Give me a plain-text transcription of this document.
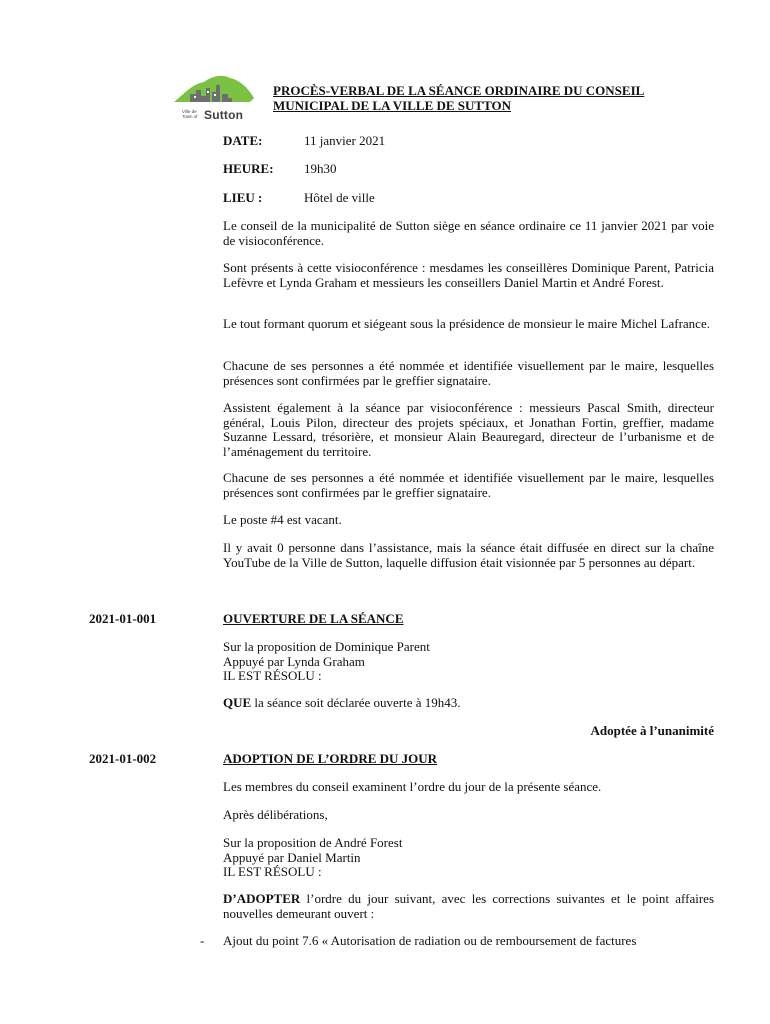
Ville de
Town of Sutton
PROCÈS-VERBAL DE LA SÉANCE ORDINAIRE DU CONSEIL
MUNICIPAL DE LA VILLE DE SUTTON
DATE:	11 janvier 2021
HEURE: 19h30
LIEU :	Hôtel de ville
Le conseil de la municipalité de Sutton siège en séance ordinaire ce 11 janvier 2021 par voie de visioconférence.
Sont présents à cette visioconférence : mesdames les conseillères Dominique Parent, Patricia Lefèvre et Lynda Graham et messieurs les conseillers Daniel Martin et André Forest.
Le tout formant quorum et siégeant sous la présidence de monsieur le maire Michel Lafrance.
Chacune de ses personnes a été nommée et identifiée visuellement par le maire, lesquelles présences sont confirmées par le greffier signataire.
Assistent également à la séance par visioconférence : messieurs Pascal Smith, directeur général, Louis Pilon, directeur des projets spéciaux, et Jonathan Fortin, greffier, madame Suzanne Lessard, trésorière, et monsieur Alain Beauregard, directeur de l’urbanisme et de l’aménagement du territoire.
Chacune de ses personnes a été nommée et identifiée visuellement par le maire, lesquelles présences sont confirmées par le greffier signataire.
Le poste #4 est vacant.
Il y avait 0 personne dans l’assistance, mais la séance était diffusée en direct sur la chaîne YouTube de la Ville de Sutton, laquelle diffusion était visionnée par 5 personnes au départ.
2021-01-001	OUVERTURE DE LA SÉANCE
Sur la proposition de Dominique Parent
Appuyé par Lynda Graham
IL EST RÉSOLU :
QUE la séance soit déclarée ouverte à 19h43.
Adoptée à l’unanimité
2021-01-002	ADOPTION DE L’ORDRE DU JOUR
Les membres du conseil examinent l’ordre du jour de la présente séance.
Après délibérations,
Sur la proposition de André Forest
Appuyé par Daniel Martin
IL EST RÉSOLU :
D’ADOPTER l’ordre du jour suivant, avec les corrections suivantes et le point affaires nouvelles demeurant ouvert :
- Ajout du point 7.6 « Autorisation de radiation ou de remboursement de factures
